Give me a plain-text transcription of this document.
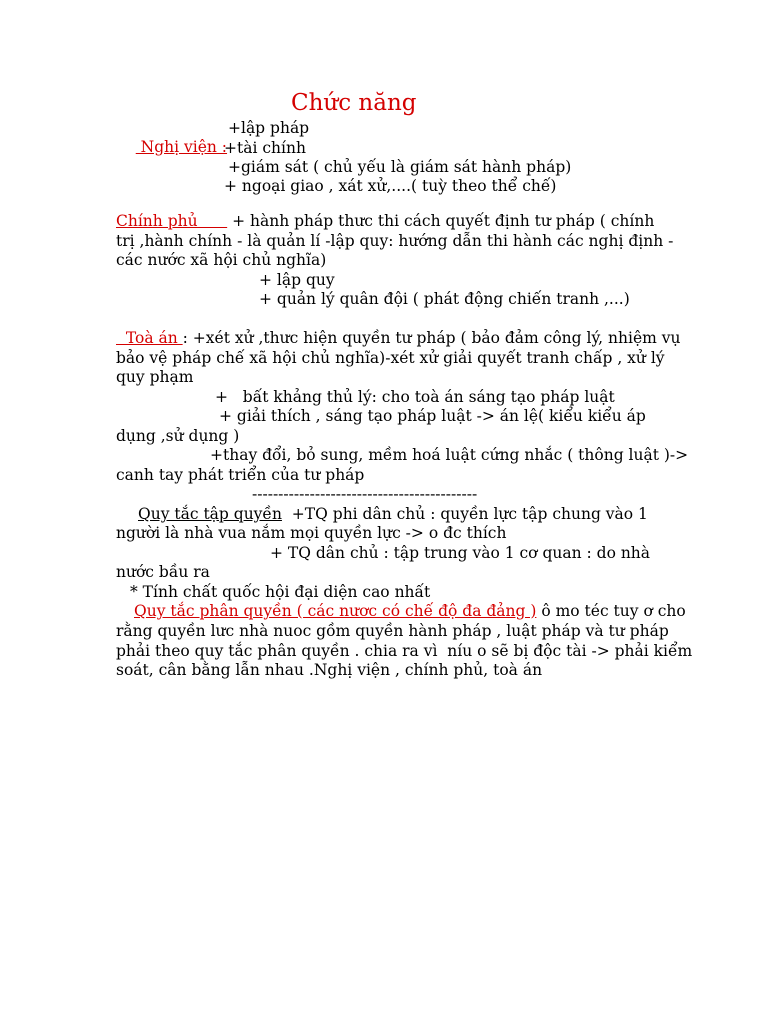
Chức năng

Nghị viện :

+lập pháp
+tài chính
+giám sát ( chủ yếu là giám sát hành pháp)
+ ngoại giao , xát xử,....( tuỳ theo thể chế)
Chính phủ       + hành pháp thưc thi cách quyết định tư pháp ( chính
trị ,hành chính - là quản lí -lập quy: hướng dẫn thi hành các nghị định -
các nước xã hội chủ nghĩa)
+ lập quy
+ quản lý quân đội ( phát động chiến tranh ,...)
Toà án : +xét xử ,thưc hiện quyền tư pháp ( bảo đảm công lý, nhiệm vụ
bảo vệ pháp chế xã hội chủ nghĩa)-xét xử giải quyết tranh chấp , xử lý
quy phạm
+   bất khảng thủ lý: cho toà án sáng tạo pháp luật
+ giải thích , sáng tạo pháp luật -> án lệ( kiểu kiểu áp
dụng ,sử dụng )
+thay đổi, bỏ sung, mềm hoá luật cứng nhắc ( thông luật )->
canh tay phát triển của tư pháp
-------------------------------------------
Quy tắc tập quyền  +TQ phi dân chủ : quyền lực tập chung vào 1
người là nhà vua nắm mọi quyền lực -> o đc thích
+ TQ dân chủ : tập trung vào 1 cơ quan : do nhà
nước bầu ra
* Tính chất quốc hội đại diện cao nhất
Quy tắc phân quyền ( các nươc có chế độ đa đảng ) ô mo téc tuy ơ cho
rằng quyền lưc nhà nuoc gồm quyền hành pháp , luật pháp và tư pháp
phải theo quy tắc phân quyền . chia ra vì  níu o sẽ bị độc tài -> phải kiểm
soát, cân bằng lẫn nhau .Nghị viện , chính phủ, toà án
